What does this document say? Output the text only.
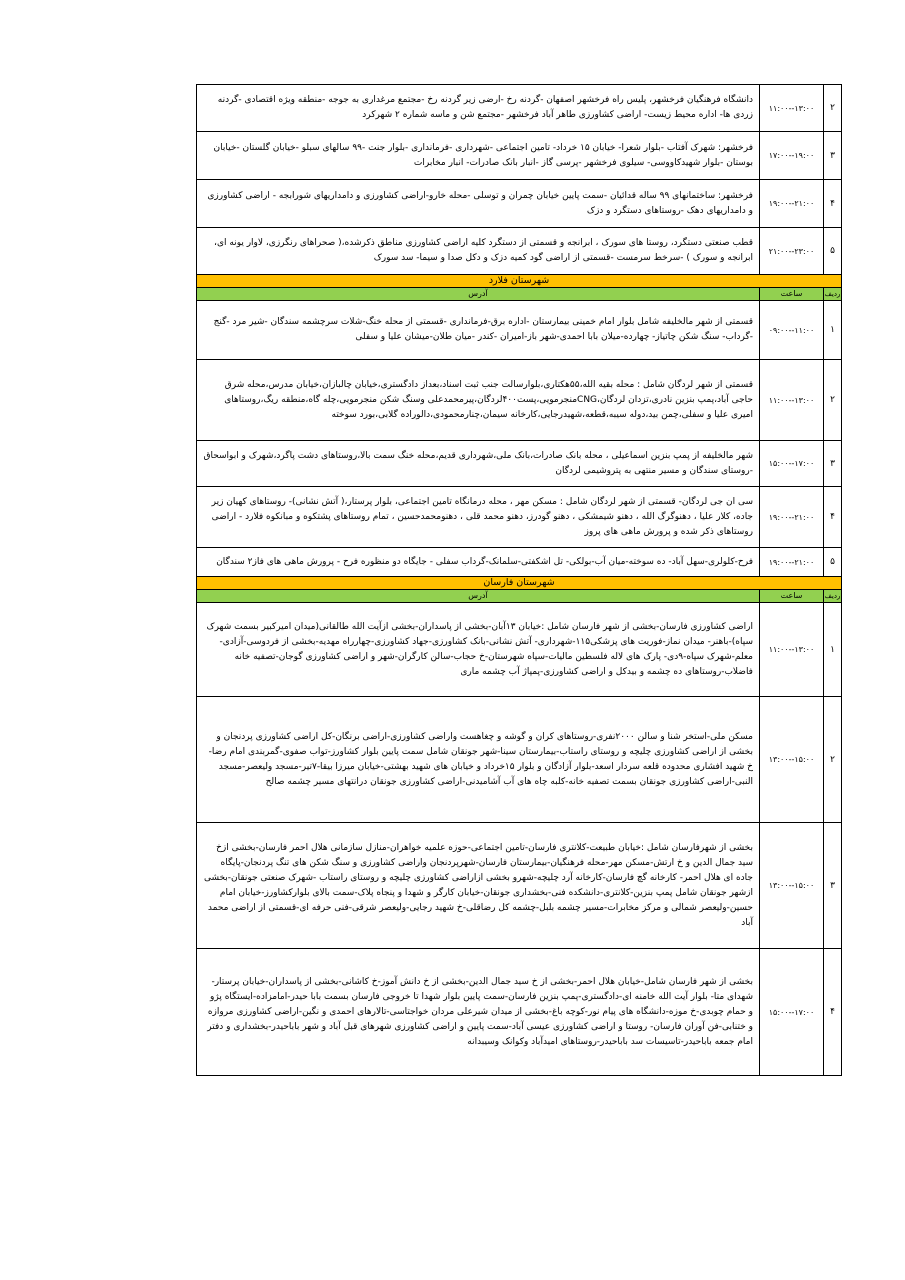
۲	۱۱:۰۰--۱۳:۰۰	دانشگاه فرهنگیان فرخشهر، پلیس راه فرخشهر اصفهان -گردنه رخ -ارضی زیر گردنه رخ -مجتمع مرغداری به جوجه -منطقه ویژه اقتصادی -گردنه زردی ها- اداره محیط زیست- اراضی کشاورزی طاهر آباد فرخشهر -مجتمع شن و ماسه شماره ۲ شهرکرد
۳	۱۷:۰۰--۱۹:۰۰	فرخشهر: شهرک آفتاب -بلوار شعرا- خیابان ۱۵ خرداد- تامین اجتماعی -شهرداری -فرمانداری -بلوار جنت -۹۹ سالهای سبلو -خیابان گلستان -خیابان بوستان -بلوار شهیدکاووسی- سیلوی فرخشهر -پرسی گاز -انبار بانک صادرات- انبار مخابرات
۴	۱۹:۰۰--۲۱:۰۰	فرخشهر: ساختمانهای ۹۹ ساله قدائیان -سمت پایین خیابان چمران و توسلی -محله خارو-اراضی کشاورزی و دامداریهای شورابجه - اراضی کشاورزی و دامداریهای دهک -روستاهای دستگرد و دزک
۵	۲۱:۰۰--۲۳:۰۰	قطب صنعتی دستگرد، روستا های سورک ، ابرانجه و قسمتی از دستگرد کلیه اراضی کشاورزی مناطق ذکرشده،( صحراهای رنگرزی، لاوار یونه ای، ابرانجه و سورک ) -سرخط سرمست -قسمتی از اراضی گود کمیه دزک و دکل صدا و سیما- سد سورک
شهرستان فلارد		
ردیف	ساعت	آدرس
۱	۰۹:۰۰--۱۱:۰۰	قسمتی از شهر مالخلیفه شامل بلوار امام خمینی بیمارستان -اداره برق-فرمانداری -قسمتی از محله خنگ-شلات سرچشمه سندگان -شیر مرد -گنج -گرداب- سنگ شکن چاتیاز- چهارده-میلان بابا احمدی-شهر باز-امیران -کندر -میان طلان-میشان علیا و سفلی
۲	۱۱:۰۰--۱۳:۰۰	قسمتی از شهر لردگان شامل : محله بقیه الله،۵۵هکتاری،بلوارسالت جنب ثبت اسناد،بعداز دادگستری،خیابان چالبازان،خیابان مدرس،محله شرق حاجی آباد،پمپ بنزین نادری،تزدان لردگان،CNGمنجرمویی،پست۴۰۰لردگان،پیرمحمدعلی وسنگ شکن منجرمویی،چله گاه،منطقه ریگ،روستاهای امیری علیا و سفلی،چمن بید،دوله سیبه،قطعه،شهیدرجایی،کارخانه سیمان،چنارمحمودی،دالوراده گلابی،بورد سوخته
۳	۱۵:۰۰--۱۷:۰۰	شهر مالخلیفه از پمپ بنزین اسماعیلی ، محله بانک صادرات،بانک ملی،شهرداری قدیم،محله خنگ سمت بالا،روستاهای دشت پاگرد،شهرک و ابواسحاق -روستای سندگان و مسیر منتهی به پتروشیمی لردگان
۴	۱۹:۰۰--۲۱:۰۰	سی ان جی لردگان- قسمتی از شهر لردگان شامل : مسکن مهر ، محله درمانگاه تامین اجتماعی، بلوار پرستار،( آتش نشانی)- روستاهای کهیان زیر جاده، کلار علیا ، دهنوگرگ الله ، دهنو شیمشکی ، دهنو گودرز، دهنو محمد قلی ، دهنومحمدحسین ، تمام روستاهای پشتکوه و مبانکوه فلارد - اراضی روستاهای ذکر شده و پرورش ماهی های پروز
۵	۱۹:۰۰--۲۱:۰۰	فرح-کلولری-سهل آباد- ده سوخته-میان آب-بولکی- تل اشکفتی-سلمانک-گرداب سفلی - جایگاه دو منظوره فرح - پرورش ماهی های فاز۲ سندگان
شهرستان فارسان		
ردیف	ساعت	آدرس
۱	۱۱:۰۰--۱۳:۰۰	اراضی کشاورزی فارسان-بخشی از شهر فارسان شامل :خیابان ۱۳آبان-بخشی از پاسداران-بخشی ازآیت الله طالقانی(میدان امیرکبیر بسمت شهرک سپاه)-باهنر- میدان نماز-فوریت های پزشکی۱۱۵-شهرداری- آتش نشانی-بانک کشاورزی-جهاد کشاورزی-چهارراه مهدیه-بخشی از فردوسی-آزادی-معلم-شهرک سپاه-۹دی- پارک های لاله فلسطین مالیات-سپاه شهرستان-خ حجاب-سالن کارگران-شهر و اراضی کشاورزی گوجان-تصفیه خانه فاضلاب-روستاهای ده چشمه و بیدکل و اراضی کشاورزی-پمپاژ آب چشمه ماری
۲	۱۳:۰۰--۱۵:۰۰	مسکن ملی-استخر شنا و سالن ۲۰۰۰نفری-روستاهای کران و گوشه و چغاهست واراضی کشاورزی-اراضی برنگان-کل اراضی کشاورزی پردنجان و بخشی از اراضی کشاورزی چلیچه و روستای راستاب-بیمارستان سینا-شهر جونقان شامل سمت پایین بلوار کشاورز-تواب صفوی-گمربندی امام رضا-خ شهید افشاری محدوده قلعه سردار اسعد-بلوار آزادگان و بلوار ۱۵خرداد و خیابان های شهید بهشتی-خیابان میرزا بیقا-۷تیر-مسجد ولیعصر-مسجد النبی-اراضی کشاورزی جونقان بسمت تصفیه خانه-کلبه چاه های آب آشامیدنی-اراضی کشاورزی جونقان درانتهای مسیر چشمه صالح
۳	۱۳:۰۰--۱۵:۰۰	بخشی از شهرفارسان شامل :خیابان طبیعت-کلانتری فارسان-تامین اجتماعی-حوزه علمیه خواهران-منازل سازمانی هلال احمر فارسان-بخشی ازخ سید جمال الدین و خ ارتش-مسکن مهر-محله فرهنگیان-بیمارستان فارسان-شهرپردنجان واراضی کشاورزی و سنگ شکن های تنگ پردنجان-پایگاه جاده ای هلال احمر- کارخانه گچ فارسان-کارخانه آرد چلیچه-شهرو بخشی ازاراضی کشاورزی چلیچه و روستای راستاب -شهرک صنعتی جونقان-بخشی ازشهر جونقان شامل پمپ بنزین-کلانتری-دانشکده فنی-بخشداری جونقان-خیابان کارگر و شهدا و پنجاه پلاک-سمت بالای بلوارکشاورز-خیابان امام حسین-ولیعصر شمالی و مرکز مخابرات-مسیر چشمه بلبل-چشمه کل رضاقلی-خ شهید رجایی-ولیعصر شرقی-فنی حرفه ای-قسمتی از اراضی محمد آباد
۴	۱۵:۰۰--۱۷:۰۰	بخشی از شهر فارسان شامل-خیابان هلال احمر-بخشی از خ سید جمال الدین-بخشی از خ دانش آموز-خ کاشانی-بخشی از پاسداران-خیابان پرستار-شهدای متا- بلوار آیت الله خامنه ای-دادگستری-پمپ بنزین فارسان-سمت پایین بلوار شهدا تا خروجی فارسان بسمت بابا حیدر-امامزاده-ایستگاه پژو و حمام چوبدی-خ موزه-دانشگاه های پیام نور-کوچه باغ-بخشی از میدان شیرعلی مردان خواجتاسی-تالارهای احمدی و نگین-اراضی کشاورزی مروازه و ختنابی-فن آوران فارسان- روستا و اراضی کشاورزی عیسی آباد-سمت پایین و اراضی کشاورزی شهرهای قبل آباد و شهر باباحیدر-بخشداری و دفتر امام جمعه باباحیدر-تاسیسات سد باباحیدر-روستاهای امیدآباد وکوانک وسیبدانه
